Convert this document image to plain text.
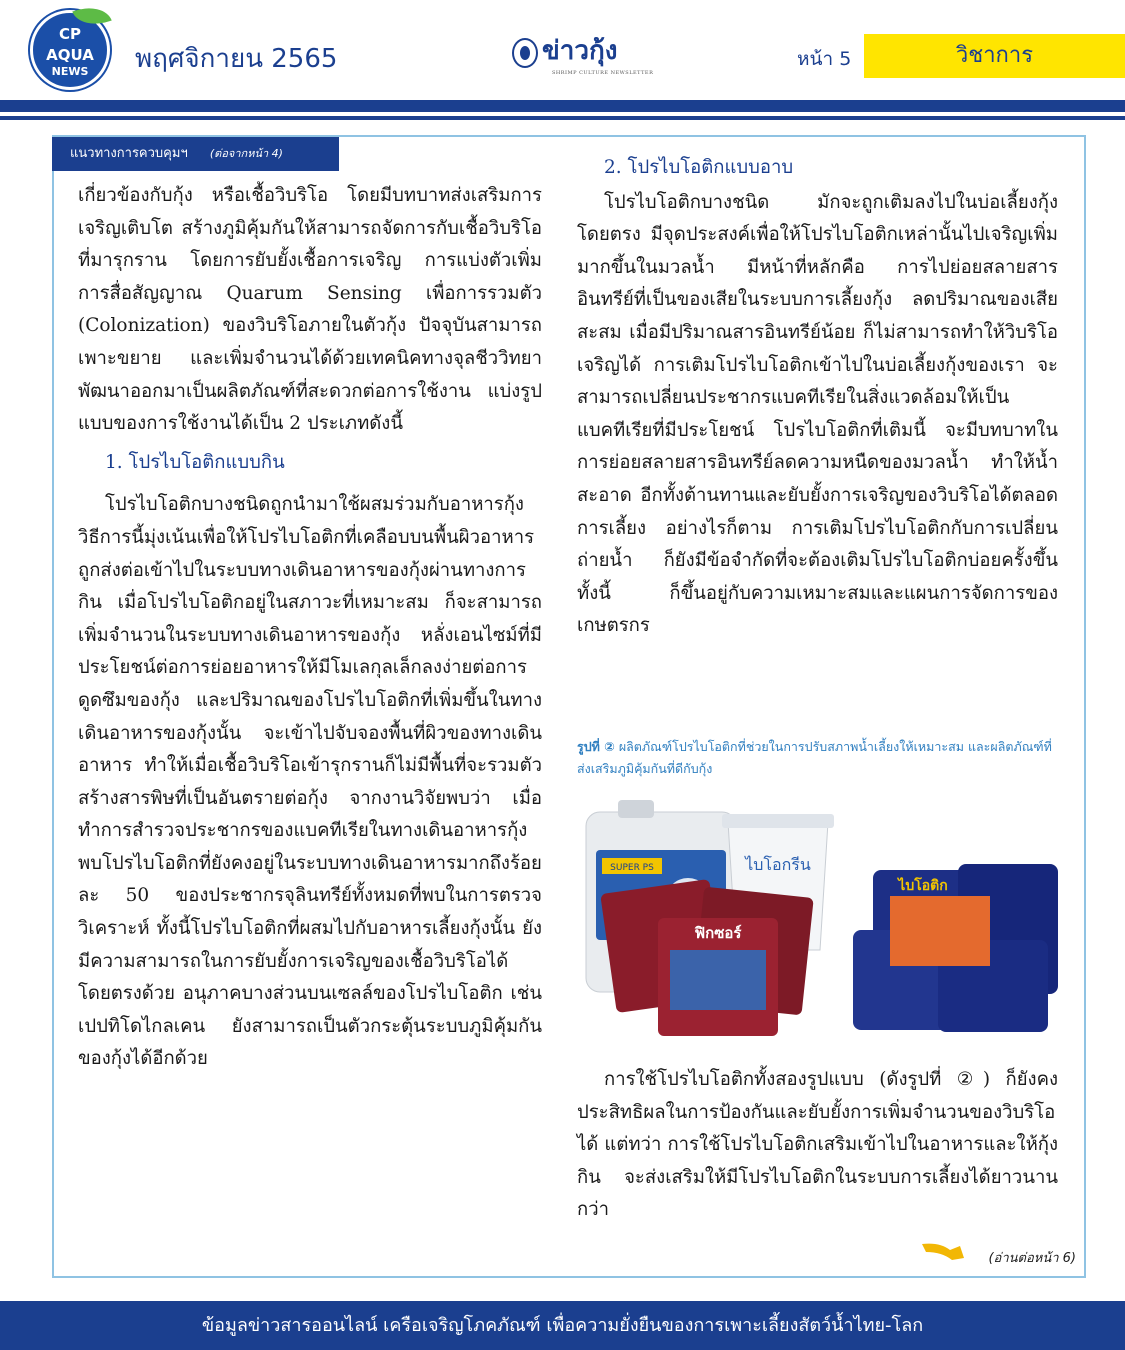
CP
AQUA
NEWS	พฤศจิกายน 2565	ข่าวกุ้ง
SHRIMP CULTURE NEWSLETTER
หน้า 5	วิชาการ
แนวทางการควบคุมฯ (ต่อจากหน้า 4)

เกี่ยวข้องกับกุ้ง หรือเชื้อวิบริโอ โดยมีบทบาทส่งเสริมการเจริญเติบโต สร้างภูมิคุ้มกันให้สามารถจัดการกับเชื้อวิบริโอที่มารุกราน โดยการยับยั้งเชื้อการเจริญ การแบ่งตัวเพิ่ม การสื่อสัญญาณ Quarum Sensing เพื่อการรวมตัว (Colonization) ของวิบริโอภายในตัวกุ้ง ปัจจุบันสามารถเพาะขยาย และเพิ่มจำนวนได้ด้วยเทคนิคทางจุลชีววิทยา พัฒนาออกมาเป็นผลิตภัณฑ์ที่สะดวกต่อการใช้งาน แบ่งรูปแบบของการใช้งานได้เป็น 2 ประเภทดังนี้

1. โปรไบโอติกแบบกิน

โปรไบโอติกบางชนิดถูกนำมาใช้ผสมร่วมกับอาหารกุ้ง วิธีการนี้มุ่งเน้นเพื่อให้โปรไบโอติกที่เคลือบบนพื้นผิวอาหาร ถูกส่งต่อเข้าไปในระบบทางเดินอาหารของกุ้งผ่านทางการกิน เมื่อโปรไบโอติกอยู่ในสภาวะที่เหมาะสม ก็จะสามารถเพิ่มจำนวนในระบบทางเดินอาหารของกุ้ง หลั่งเอนไซม์ที่มีประโยชน์ต่อการย่อยอาหารให้มีโมเลกุลเล็กลงง่ายต่อการดูดซึมของกุ้ง และปริมาณของโปรไบโอติกที่เพิ่มขึ้นในทางเดินอาหารของกุ้งนั้น จะเข้าไปจับจองพื้นที่ผิวของทางเดินอาหาร ทำให้เมื่อเชื้อวิบริโอเข้ารุกรานก็ไม่มีพื้นที่จะรวมตัวสร้างสารพิษที่เป็นอันตรายต่อกุ้ง จากงานวิจัยพบว่า เมื่อทำการสำรวจประชากรของแบคทีเรียในทางเดินอาหารกุ้ง พบโปรไบโอติกที่ยังคงอยู่ในระบบทางเดินอาหารมากถึงร้อยละ 50 ของประชากรจุลินทรีย์ทั้งหมดที่พบในการตรวจวิเคราะห์ ทั้งนี้โปรไบโอติกที่ผสมไปกับอาหารเลี้ยงกุ้งนั้น ยังมีความสามารถในการยับยั้งการเจริญของเชื้อวิบริโอได้โดยตรงด้วย อนุภาคบางส่วนบนเซลล์ของโปรไบโอติก เช่น เปปทิโดไกลเคน ยังสามารถเป็นตัวกระตุ้นระบบภูมิคุ้มกันของกุ้งได้อีกด้วย

2. โปรไบโอติกแบบอาบ

โปรไบโอติกบางชนิด มักจะถูกเติมลงไปในบ่อเลี้ยงกุ้งโดยตรง มีจุดประสงค์เพื่อให้โปรไบโอติกเหล่านั้นไปเจริญเพิ่มมากขึ้นในมวลน้ำ มีหน้าที่หลักคือ การไปย่อยสลายสารอินทรีย์ที่เป็นของเสียในระบบการเลี้ยงกุ้ง ลดปริมาณของเสียสะสม เมื่อมีปริมาณสารอินทรีย์น้อย ก็ไม่สามารถทำให้วิบริโอเจริญได้ การเติมโปรไบโอติกเข้าไปในบ่อเลี้ยงกุ้งของเรา จะสามารถเปลี่ยนประชากรแบคทีเรียในสิ่งแวดล้อมให้เป็นแบคทีเรียที่มีประโยชน์ โปรไบโอติกที่เติมนี้ จะมีบทบาทในการย่อยสลายสารอินทรีย์ลดความหนืดของมวลน้ำ ทำให้น้ำสะอาด อีกทั้งต้านทานและยับยั้งการเจริญของวิบริโอได้ตลอดการเลี้ยง อย่างไรก็ตาม การเติมโปรไบโอติกกับการเปลี่ยนถ่ายน้ำ ก็ยังมีข้อจำกัดที่จะต้องเติมโปรไบโอติกบ่อยครั้งขึ้น ทั้งนี้ ก็ขึ้นอยู่กับความเหมาะสมและแผนการจัดการของเกษตรกร

รูปที่ ② ผลิตภัณฑ์โปรไบโอติกที่ช่วยในการปรับสภาพน้ำเลี้ยงให้เหมาะสม และผลิตภัณฑ์ที่ส่งเสริมภูมิคุ้มกันที่ดีกับกุ้ง
SUPER PS	ไบโอกรีน
ฟิกซอร์
ไบโอติก

การใช้โปรไบโอติกทั้งสองรูปแบบ (ดังรูปที่ ②) ก็ยังคงประสิทธิผลในการป้องกันและยับยั้งการเพิ่มจำนวนของวิบริโอได้ แต่ทว่า การใช้โปรไบโอติกเสริมเข้าไปในอาหารและให้กุ้งกิน จะส่งเสริมให้มีโปรไบโอติกในระบบการเลี้ยงได้ยาวนานกว่า

(อ่านต่อหน้า 6)
ข้อมูลข่าวสารออนไลน์ เครือเจริญโภคภัณฑ์ เพื่อความยั่งยืนของการเพาะเลี้ยงสัตว์น้ำไทย-โลก
